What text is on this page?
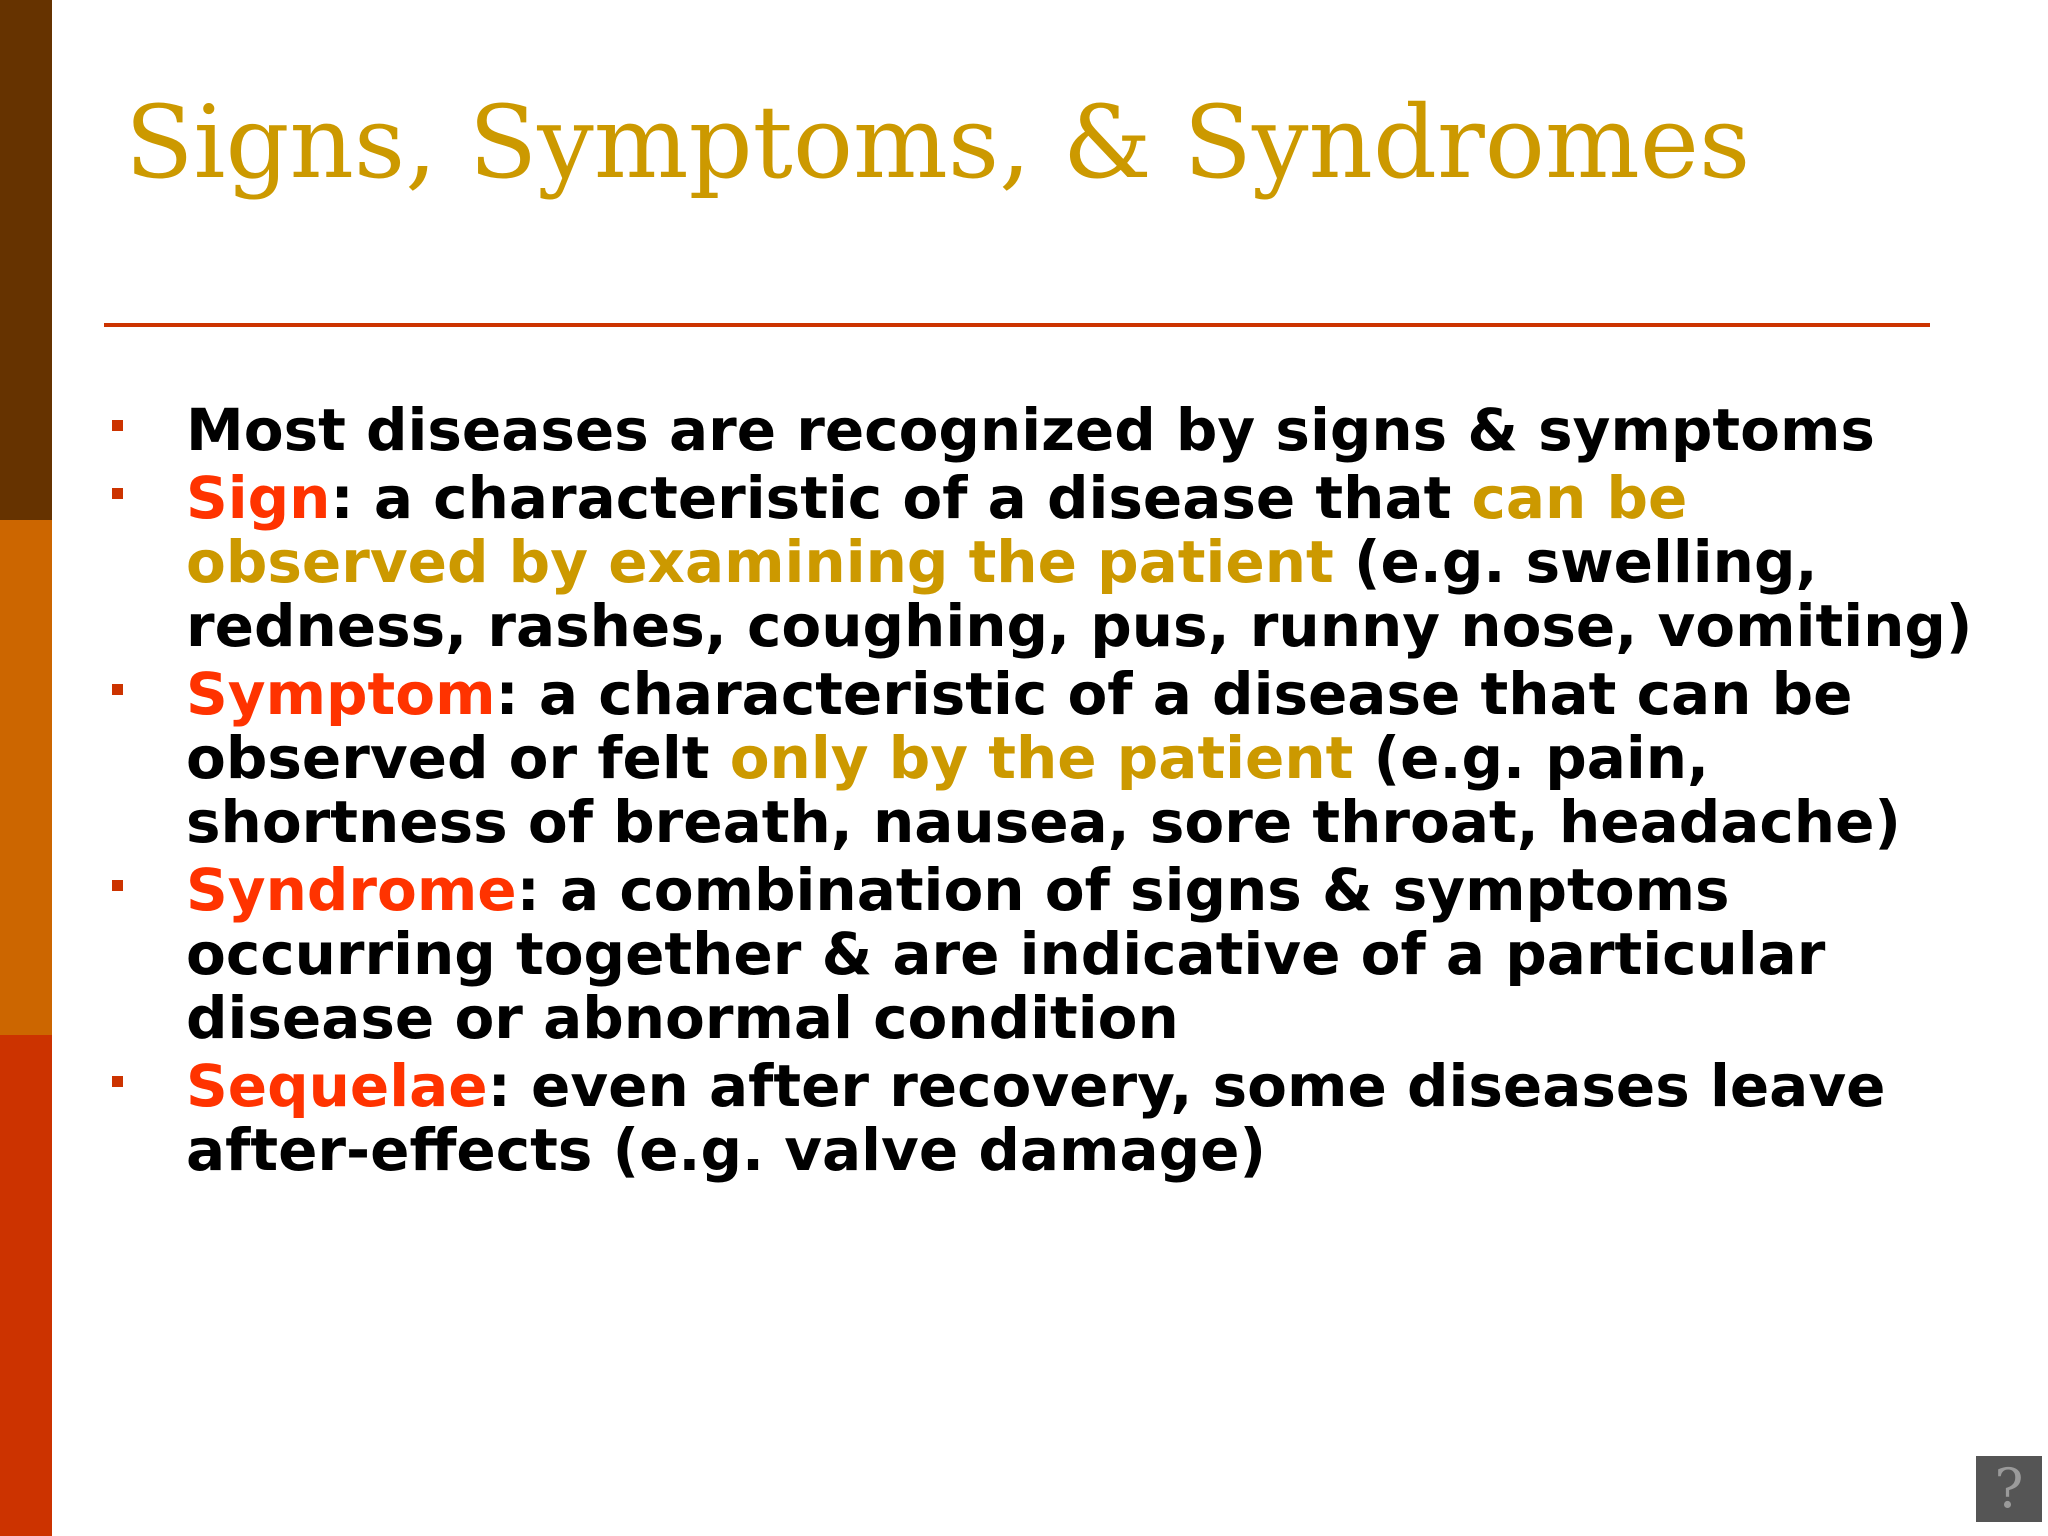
Signs, Symptoms, & Syndromes
Most diseases are recognized by signs & symptoms
Sign: a characteristic of a disease that can be observed by examining the patient (e.g. swelling, redness, rashes, coughing, pus, runny nose, vomiting)
Symptom: a characteristic of a disease that can be observed or felt only by the patient (e.g. pain, shortness of breath, nausea, sore throat, headache)
Syndrome: a combination of signs & symptoms occurring together & are indicative of a particular disease or abnormal condition
Sequelae: even after recovery, some diseases leave after-effects (e.g. valve damage)
?
